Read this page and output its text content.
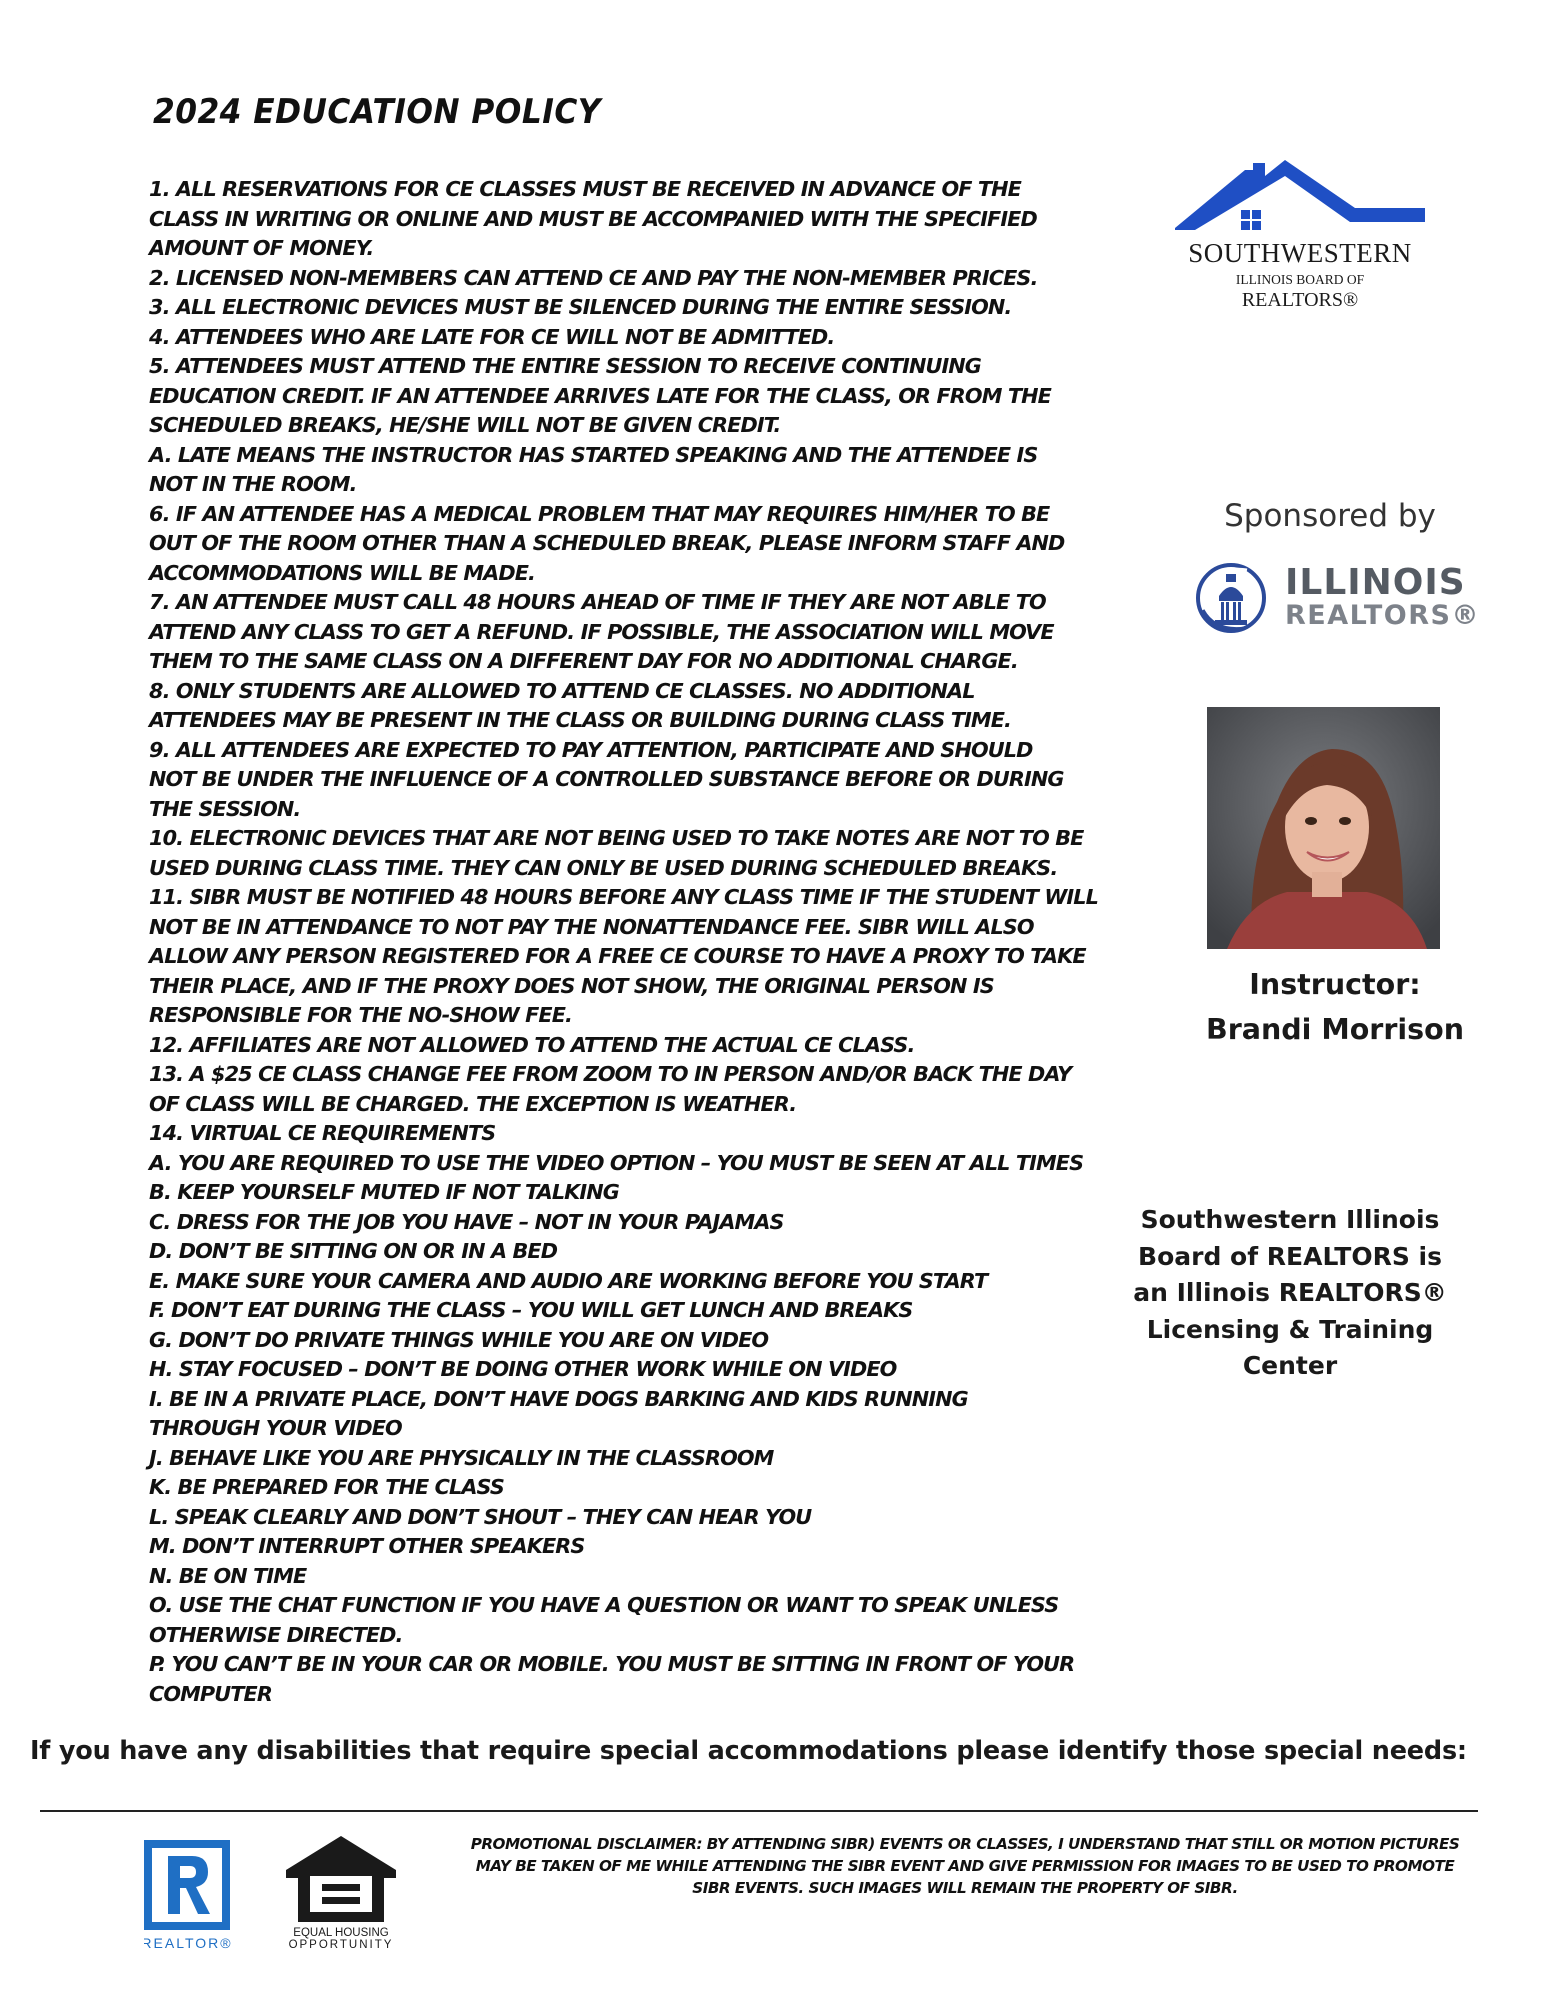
2024 EDUCATION POLICY
1. ALL RESERVATIONS FOR CE CLASSES MUST BE RECEIVED IN ADVANCE OF THE
CLASS IN WRITING OR ONLINE AND MUST BE ACCOMPANIED WITH THE SPECIFIED
AMOUNT OF MONEY.
2. LICENSED NON-MEMBERS CAN ATTEND CE AND PAY THE NON-MEMBER PRICES.
3. ALL ELECTRONIC DEVICES MUST BE SILENCED DURING THE ENTIRE SESSION.
4. ATTENDEES WHO ARE LATE FOR CE WILL NOT BE ADMITTED.
5. ATTENDEES MUST ATTEND THE ENTIRE SESSION TO RECEIVE CONTINUING
EDUCATION CREDIT. IF AN ATTENDEE ARRIVES LATE FOR THE CLASS, OR FROM THE
SCHEDULED BREAKS, HE/SHE WILL NOT BE GIVEN CREDIT.
A. LATE MEANS THE INSTRUCTOR HAS STARTED SPEAKING AND THE ATTENDEE IS
NOT IN THE ROOM.
6. IF AN ATTENDEE HAS A MEDICAL PROBLEM THAT MAY REQUIRES HIM/HER TO BE
OUT OF THE ROOM OTHER THAN A SCHEDULED BREAK, PLEASE INFORM STAFF AND
ACCOMMODATIONS WILL BE MADE.
7. AN ATTENDEE MUST CALL 48 HOURS AHEAD OF TIME IF THEY ARE NOT ABLE TO
ATTEND ANY CLASS TO GET A REFUND. IF POSSIBLE, THE ASSOCIATION WILL MOVE
THEM TO THE SAME CLASS ON A DIFFERENT DAY FOR NO ADDITIONAL CHARGE.
8. ONLY STUDENTS ARE ALLOWED TO ATTEND CE CLASSES. NO ADDITIONAL
ATTENDEES MAY BE PRESENT IN THE CLASS OR BUILDING DURING CLASS TIME.
9. ALL ATTENDEES ARE EXPECTED TO PAY ATTENTION, PARTICIPATE AND SHOULD
NOT BE UNDER THE INFLUENCE OF A CONTROLLED SUBSTANCE BEFORE OR DURING
THE SESSION.
10. ELECTRONIC DEVICES THAT ARE NOT BEING USED TO TAKE NOTES ARE NOT TO BE
USED DURING CLASS TIME. THEY CAN ONLY BE USED DURING SCHEDULED BREAKS.
11. SIBR MUST BE NOTIFIED 48 HOURS BEFORE ANY CLASS TIME IF THE STUDENT WILL
NOT BE IN ATTENDANCE TO NOT PAY THE NONATTENDANCE FEE. SIBR WILL ALSO
ALLOW ANY PERSON REGISTERED FOR A FREE CE COURSE TO HAVE A PROXY TO TAKE
THEIR PLACE, AND IF THE PROXY DOES NOT SHOW, THE ORIGINAL PERSON IS
RESPONSIBLE FOR THE NO-SHOW FEE.
12. AFFILIATES ARE NOT ALLOWED TO ATTEND THE ACTUAL CE CLASS.
13. A $25 CE CLASS CHANGE FEE FROM ZOOM TO IN PERSON AND/OR BACK THE DAY
OF CLASS WILL BE CHARGED. THE EXCEPTION IS WEATHER.
14. VIRTUAL CE REQUIREMENTS
A. YOU ARE REQUIRED TO USE THE VIDEO OPTION – YOU MUST BE SEEN AT ALL TIMES
B. KEEP YOURSELF MUTED IF NOT TALKING
C. DRESS FOR THE JOB YOU HAVE – NOT IN YOUR PAJAMAS
D. DON’T BE SITTING ON OR IN A BED
E. MAKE SURE YOUR CAMERA AND AUDIO ARE WORKING BEFORE YOU START
F. DON’T EAT DURING THE CLASS – YOU WILL GET LUNCH AND BREAKS
G. DON’T DO PRIVATE THINGS WHILE YOU ARE ON VIDEO
H. STAY FOCUSED – DON’T BE DOING OTHER WORK WHILE ON VIDEO
I. BE IN A PRIVATE PLACE, DON’T HAVE DOGS BARKING AND KIDS RUNNING
THROUGH YOUR VIDEO
J. BEHAVE LIKE YOU ARE PHYSICALLY IN THE CLASSROOM
K. BE PREPARED FOR THE CLASS
L. SPEAK CLEARLY AND DON’T SHOUT – THEY CAN HEAR YOU
M. DON’T INTERRUPT OTHER SPEAKERS
N. BE ON TIME
O. USE THE CHAT FUNCTION IF YOU HAVE A QUESTION OR WANT TO SPEAK UNLESS
OTHERWISE DIRECTED.
P. YOU CAN’T BE IN YOUR CAR OR MOBILE. YOU MUST BE SITTING IN FRONT OF YOUR
COMPUTER
SOUTHWESTERN
ILLINOIS BOARD OF
REALTORS®
Sponsored by
ILLINOIS
REALTORS®
Instructor:
Brandi Morrison
Southwestern Illinois
Board of REALTORS is
an Illinois REALTORS®
Licensing & Training
Center
If you have any disabilities that require special accommodations please identify those special needs:
REALTOR®
EQUAL HOUSING
OPPORTUNITY
PROMOTIONAL DISCLAIMER: BY ATTENDING SIBR) EVENTS OR CLASSES, I UNDERSTAND THAT STILL OR MOTION PICTURES
MAY BE TAKEN OF ME WHILE ATTENDING THE SIBR EVENT AND GIVE PERMISSION FOR IMAGES TO BE USED TO PROMOTE
SIBR EVENTS. SUCH IMAGES WILL REMAIN THE PROPERTY OF SIBR.
